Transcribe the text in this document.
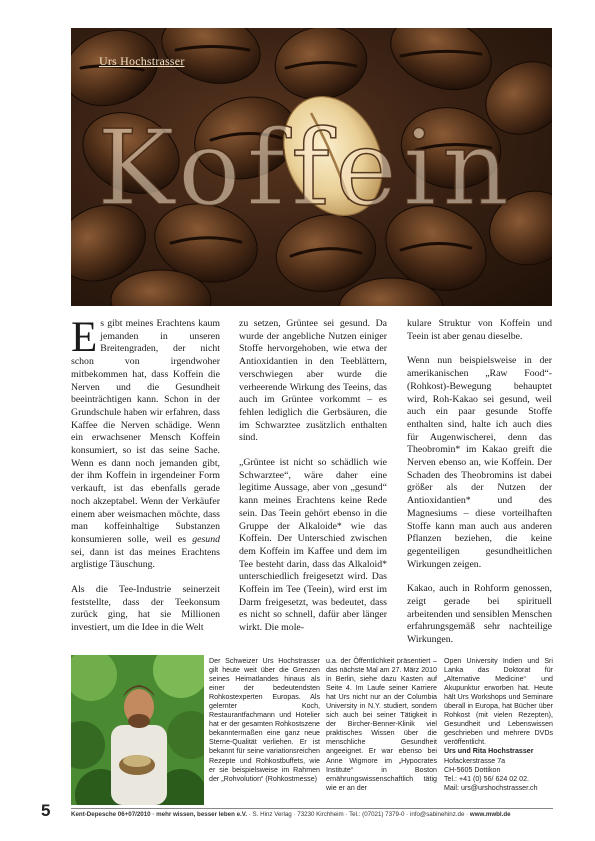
Urs Hochstrasser
Koffein

Es gibt meines Erachtens kaum jemanden in unseren Breitengraden, der nicht schon von irgendwoher mitbekommen hat, dass Koffein die Nerven und die Gesundheit beeinträchtigen kann. Schon in der Grundschule haben wir erfahren, dass Kaffee die Nerven schädige. Wenn ein erwachsener Mensch Koffein konsumiert, so ist das seine Sache. Wenn es dann noch jemanden gibt, der ihm Koffein in irgendeiner Form verkauft, ist das ebenfalls gerade noch akzeptabel. Wenn der Verkäufer einem aber weismachen möchte, dass man koffeinhaltige Substanzen konsumieren solle, weil es gesund sei, dann ist das meines Erachtens arglistige Täuschung.

Als die Tee-Industrie seinerzeit feststellte, dass der Teekonsum zurück ging, hat sie Millionen investiert, um die Idee in die Welt

zu setzen, Grüntee sei gesund. Da wurde der angebliche Nutzen einiger Stoffe hervorgehoben, wie etwa der Antioxidantien in den Teeblättern, verschwiegen aber wurde die verheerende Wirkung des Teeins, das auch im Grüntee vorkommt – es fehlen lediglich die Gerbsäuren, die im Schwarztee zusätzlich enthalten sind.

„Grüntee ist nicht so schädlich wie Schwarztee“, wäre daher eine legitime Aussage, aber von „gesund“ kann meines Erachtens keine Rede sein. Das Teein gehört ebenso in die Gruppe der Alkaloide* wie das Koffein. Der Unterschied zwischen dem Koffein im Kaffee und dem im Tee besteht darin, dass das Alkaloid* unterschiedlich freigesetzt wird. Das Koffein im Tee (Teein), wird erst im Darm freigesetzt, was bedeutet, dass es nicht so schnell, dafür aber länger wirkt. Die mole-

kulare Struktur von Koffein und Teein ist aber genau dieselbe.

Wenn nun beispielsweise in der amerikanischen „Raw Food“-(Rohkost)-Bewegung behauptet wird, Roh-Kakao sei gesund, weil auch ein paar gesunde Stoffe enthalten sind, halte ich auch dies für Augenwischerei, denn das Theobromin* im Kakao greift die Nerven ebenso an, wie Koffein. Der Schaden des Theobromins ist dabei größer als der Nutzen der Antioxidantien* und des Magnesiums – diese vorteilhaften Stoffe kann man auch aus anderen Pflanzen beziehen, die keine gegenteiligen gesundheitlichen Wirkungen zeigen.

Kakao, auch in Rohform genossen, zeigt gerade bei spirituell arbeitenden und sensiblen Menschen erfahrungsgemäß sehr nachteilige Wirkungen.

Der Schweizer Urs Hochstrasser gilt heute weit über die Grenzen seines Heimatlandes hinaus als einer der bedeutendsten Rohkostexperten Europas. Als gelernter Koch, Restaurantfachmann und Hotelier hat er der gesamten Rohkostszene bekanntermaßen eine ganz neue Sterne-Qualität verliehen. Er ist bekannt für seine variationsreichen Rezepte und Rohkostbuffets, wie er sie beispielsweise im Rahmen der „Rohvolution“ (Rohkostmesse)
u.a. der Öffentlichkeit präsentiert – das nächste Mal am 27. März 2010 in Berlin, siehe dazu Kasten auf Seite 4. Im Laufe seiner Karriere hat Urs nicht nur an der Columbia University in N.Y. studiert, sondern sich auch bei seiner Tätigkeit in der Bircher-Benner-Klinik viel praktisches Wissen über die menschliche Gesundheit angeeignet. Er war ebenso bei Anne Wigmore im „Hypocrates Institute“ in Boston ernährungswissenschaftlich tätig wie er an der
Open University Indien und Sri Lanka das Doktorat für „Alternative Medicine“ und Akupunktur erworben hat. Heute hält Urs Workshops und Seminare überall in Europa, hat Bücher über Rohkost (mit vielen Rezepten), Gesundheit und Lebenswissen geschrieben und mehrere DVDs veröffentlicht.
Urs und Rita Hochstrasser
Hofackerstrasse 7a
CH-5605 Dottikon
Tel.: +41 (0) 56/ 624 02 02.
Mail: urs@urshochstrasser.ch
5	Kent-Depesche 06+07/2010 · mehr wissen, besser leben e.V. · S. Hinz Verlag · 73230 Kirchheim · Tel.: (07021) 7379-0 · info@sabinehinz.de · www.mwbl.de
